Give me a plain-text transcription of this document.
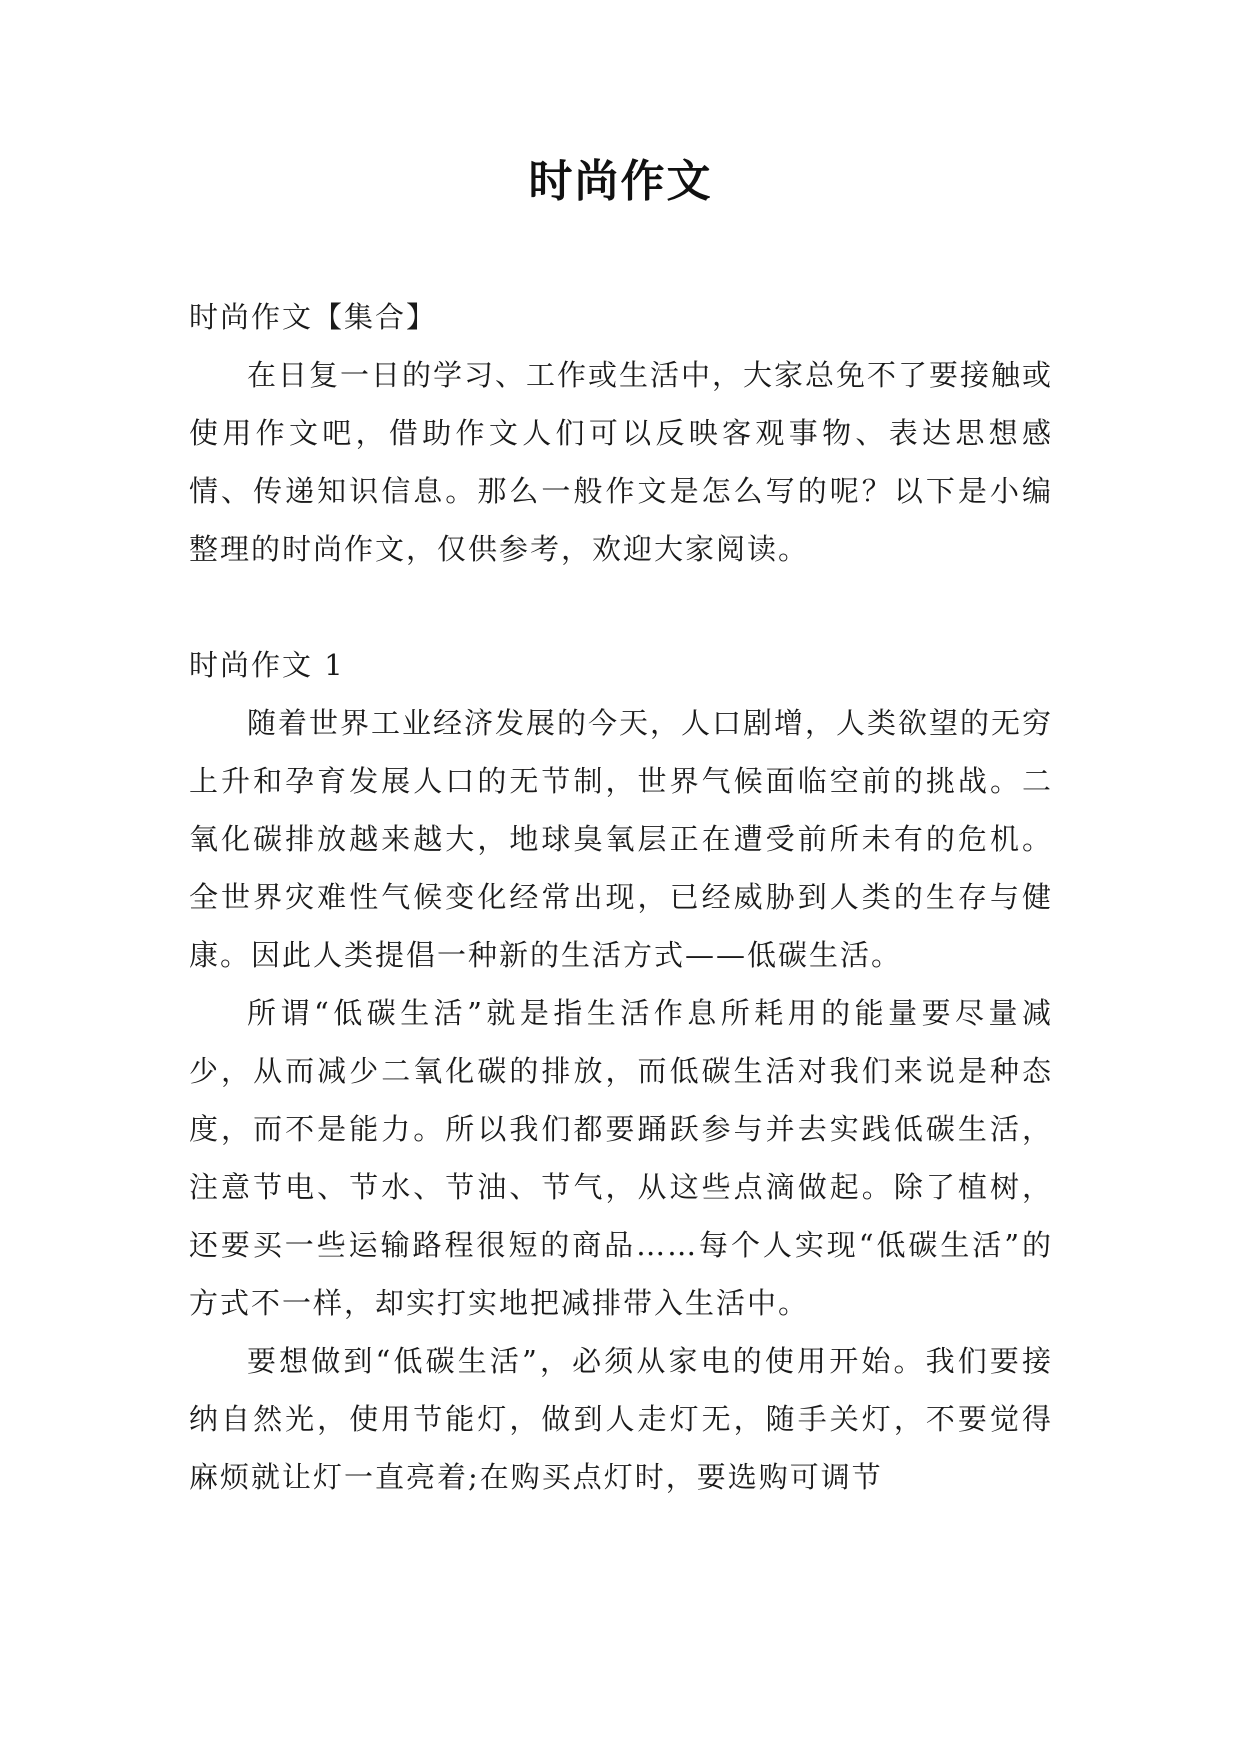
时尚作文

时尚作文【集合】

在日复一日的学习、工作或生活中，大家总免不了要接触或使用作文吧，借助作文人们可以反映客观事物、表达思想感情、传递知识信息。那么一般作文是怎么写的呢？以下是小编整理的时尚作文，仅供参考，欢迎大家阅读。

时尚作文 1

随着世界工业经济发展的今天，人口剧增，人类欲望的无穷上升和孕育发展人口的无节制，世界气候面临空前的挑战。二氧化碳排放越来越大，地球臭氧层正在遭受前所未有的危机。全世界灾难性气候变化经常出现，已经威胁到人类的生存与健康。因此人类提倡一种新的生活方式——低碳生活。

所谓“低碳生活”就是指生活作息所耗用的能量要尽量减少，从而减少二氧化碳的排放，而低碳生活对我们来说是种态度，而不是能力。所以我们都要踊跃参与并去实践低碳生活，注意节电、节水、节油、节气，从这些点滴做起。除了植树，还要买一些运输路程很短的商品……每个人实现“低碳生活”的方式不一样，却实打实地把减排带入生活中。

要想做到“低碳生活”，必须从家电的使用开始。我们要接纳自然光，使用节能灯，做到人走灯无，随手关灯，不要觉得麻烦就让灯一直亮着;在购买点灯时，要选购可调节
